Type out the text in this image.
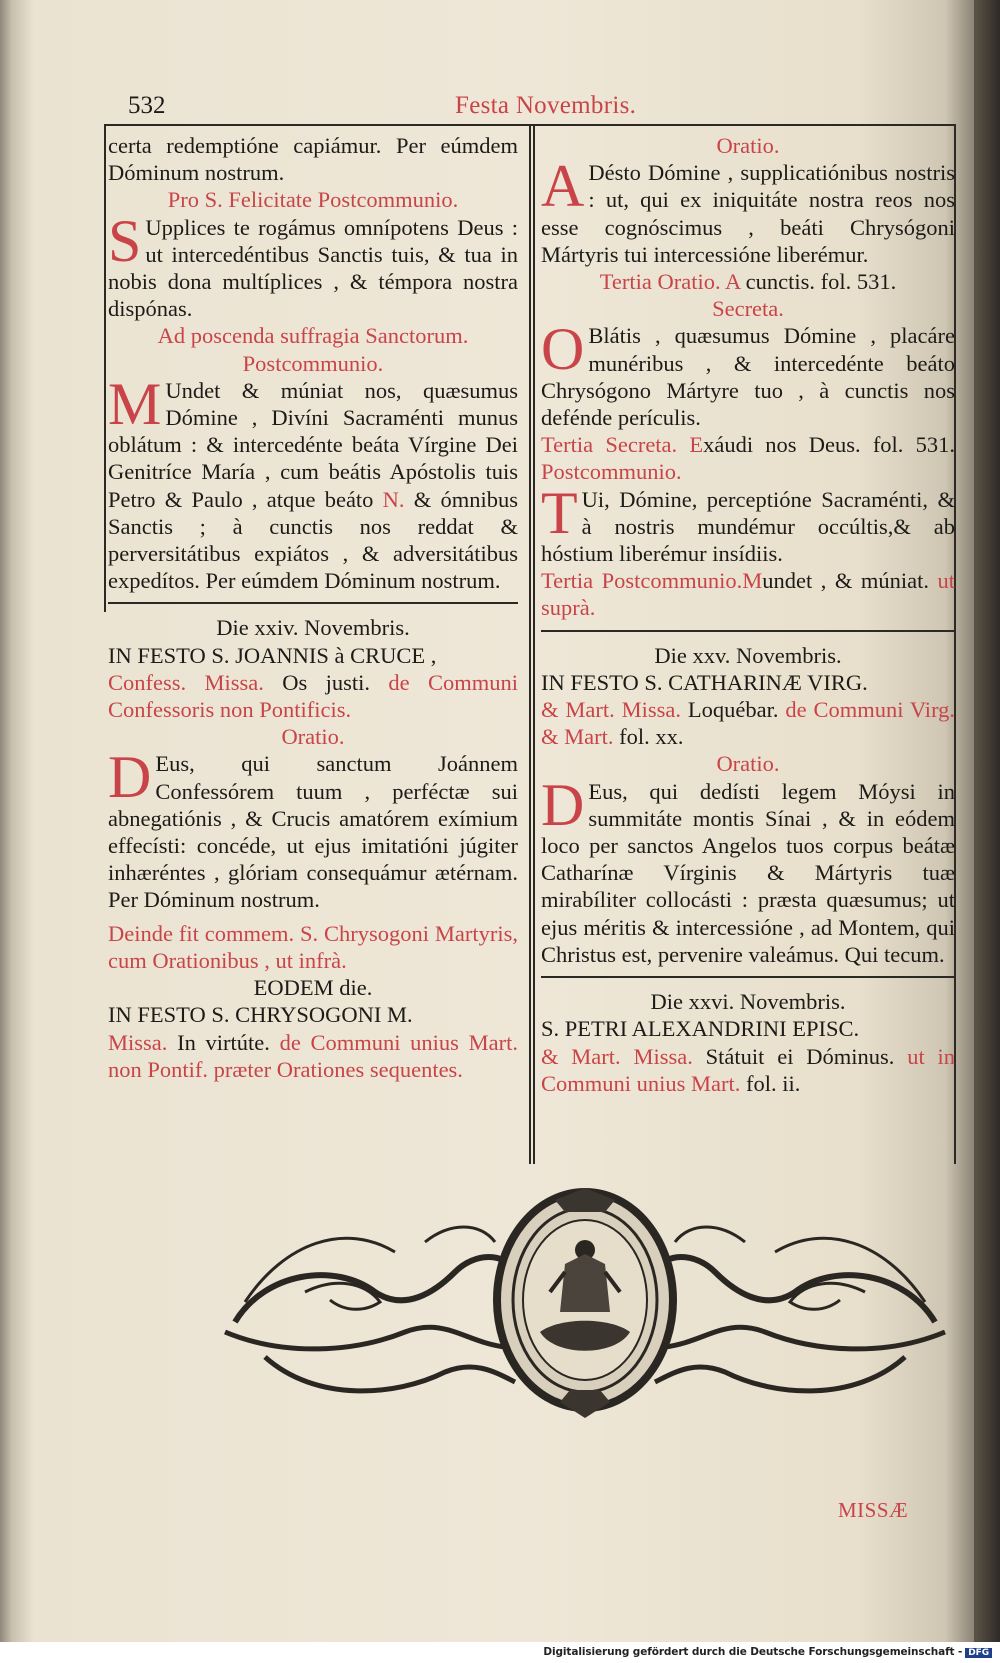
532	Festa Novembris.

certa redemptióne capiámur. Per eúmdem Dóminum nostrum.

Pro S. Felicitate Postcommunio.

S Upplices te rogámus omnípotens Deus : ut intercedéntibus Sanctis tuis, & tua in nobis dona multíplices , & témpora nostra dispónas.

Ad poscenda suffragia Sanctorum.

Postcommunio.

M Undet & múniat nos, quæsumus Dómine , Divíni Sacraménti munus oblátum : & intercedénte beáta Vírgine Dei Genitríce María , cum beátis Apóstolis tuis Petro & Paulo , atque beáto N. & ómnibus Sanctis ; à cunctis nos reddat & perversitátibus expiátos , & adversitátibus expedítos. Per eúmdem Dóminum nostrum.

Die xxiv. Novembris.

IN FESTO S. JOANNIS à CRUCE ,

Confess. Missa. Os justi. de Communi Confessoris non Pontificis.

Oratio.

D Eus, qui sanctum Joánnem Confessórem tuum , perféctæ sui abnegatiónis , & Crucis amatórem exímium effecísti: concéde, ut ejus imitatióni júgiter inhæréntes , glóriam consequámur ætérnam. Per Dóminum nostrum.

Deinde fit commem. S. Chrysogoni Martyris, cum Orationibus , ut infrà.

EODEM die.

IN FESTO S. CHRYSOGONI M.

Missa. In virtúte. de Communi unius Mart. non Pontif. præter Orationes sequentes.

Oratio.

A Désto Dómine , supplicatiónibus nostris : ut, qui ex iniquitáte nostra reos nos esse cognóscimus , beáti Chrysógoni Mártyris tui intercessióne liberémur.

Tertia Oratio. A cunctis. fol. 531.

Secreta.

O Blátis , quæsumus Dómine , placáre munéribus , & intercedénte beáto Chrysógono Mártyre tuo , à cunctis nos defénde perículis.

Tertia Secreta. Exáudi nos Deus. fol. 531. Postcommunio.

T Ui, Dómine, perceptióne Sacraménti, & à nostris mundémur occúltis,& ab hóstium liberémur insídiis.

Tertia Postcommunio.Mundet , & múniat. ut suprà.

Die xxv. Novembris.

IN FESTO S. CATHARINÆ VIRG.

& Mart. Missa. Loquébar. de Communi Virg. & Mart. fol. xx.

Oratio.

D Eus, qui dedísti legem Móysi in summitáte montis Sínai , & in eódem loco per sanctos Angelos tuos corpus beátæ Catharínæ Vírginis & Mártyris tuæ mirabíliter collocásti : præsta quæsumus; ut ejus méritis & intercessióne , ad Montem, qui Christus est, pervenire valeámus. Qui tecum.

Die xxvi. Novembris.

S. PETRI ALEXANDRINI EPISC.

& Mart. Missa. Státuit ei Dóminus. ut in Communi unius Mart. fol. ii.

MISSÆ
Digitalisierung gefördert durch die Deutsche Forschungsgemeinschaft - DFG
